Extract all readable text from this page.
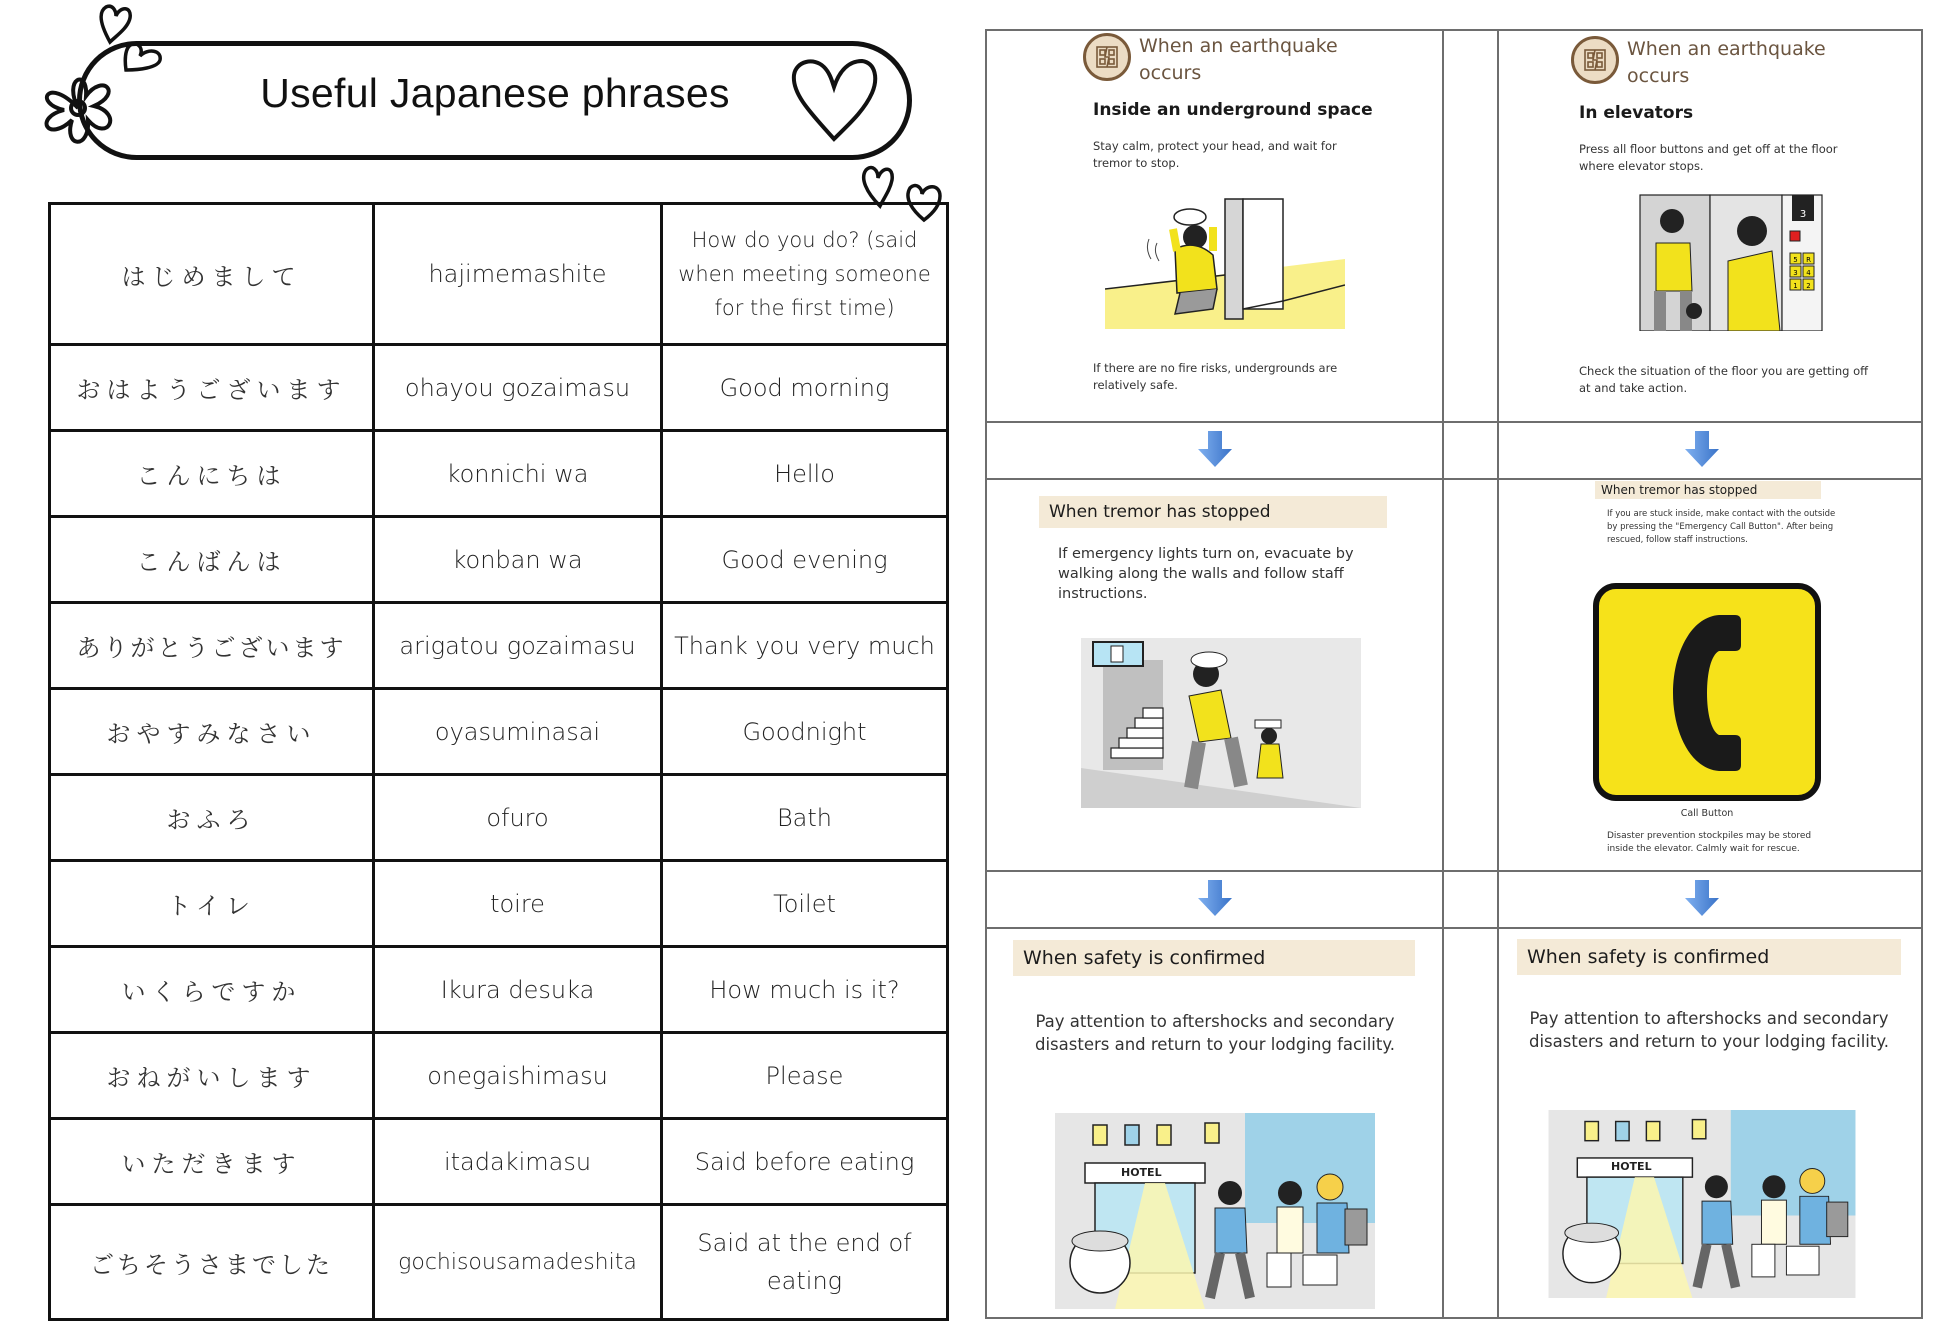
Useful Japanese phrases
はじめまして	hajimemashite	How do you do? (said when meeting someone for the first time)
おはようございます	ohayou gozaimasu	Good morning
こんにちは	konnichi wa	Hello
こんばんは	konban wa	Good evening
ありがとうございます	arigatou gozaimasu	Thank you very much
おやすみなさい	oyasuminasai	Goodnight
おふろ	ofuro	Bath
トイレ	toire	Toilet
いくらですか	Ikura desuka	How much is it?
おねがいします	onegaishimasu	Please
いただきます	itadakimasu	Said before eating
ごちそうさまでした	gochisousamadeshita	Said at the end of eating
When an earthquake occurs
Inside an underground space
Stay calm, protect your head, and wait for tremor to stop.
If there are no fire risks, undergrounds are relatively safe.
When tremor has stopped
If emergency lights turn on, evacuate by walking along the walls and follow staff instructions.
When safety is confirmed
Pay attention to aftershocks and secondary disasters and return to your lodging facility.
HOTEL
When an earthquake occurs
In elevators
Press all floor buttons and get off at the floor where elevator stops.
3
5 R
3 4
1 2
Check the situation of the floor you are getting off at and take action.
When tremor has stopped
If you are stuck inside, make contact with the outside by pressing the "Emergency Call Button". After being rescued, follow staff instructions.
Call Button
Disaster prevention stockpiles may be stored inside the elevator. Calmly wait for rescue.
When safety is confirmed
Pay attention to aftershocks and secondary disasters and return to your lodging facility.
HOTEL
